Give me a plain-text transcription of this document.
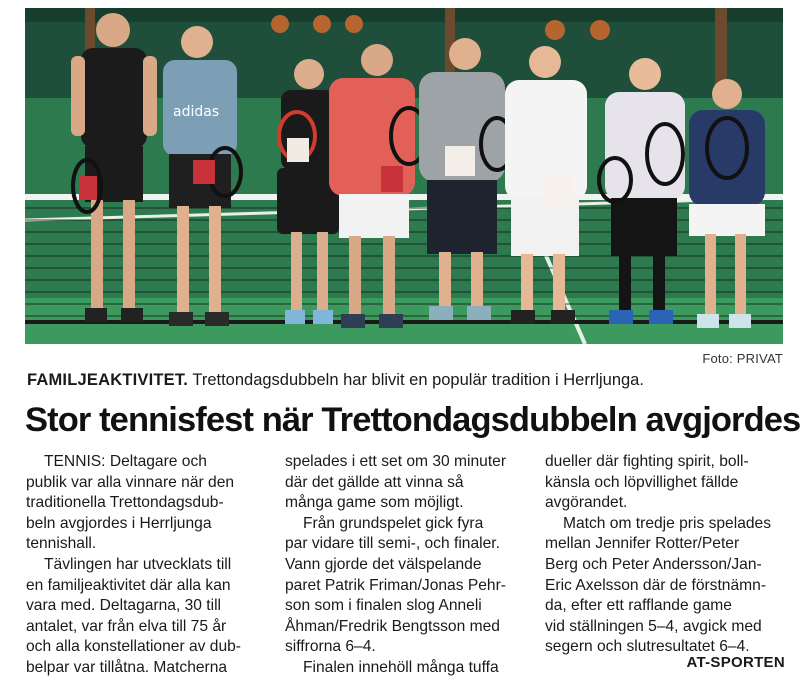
adidas
Foto: PRIVAT
FAMILJEAKTIVITET. Trettondagsdubbeln har blivit en populär tradition i Herrljunga.
Stor tennisfest när Trettondagsdubbeln avgjordes

TENNIS: Deltagare och

publik var alla vinnare när den

traditionella Trettondagsdub-

beln avgjordes i Herrljunga

tennishall.

Tävlingen har utvecklats till

en familjeaktivitet där alla kan

vara med. Deltagarna, 30 till

antalet, var från elva till 75 år

och alla konstellationer av dub-

belpar var tillåtna. Matcherna

spelades i ett set om 30 minuter

där det gällde att vinna så

många game som möjligt.

Från grundspelet gick fyra

par vidare till semi-, och finaler.

Vann gjorde det välspelande

paret Patrik Friman/Jonas Pehr-

son som i finalen slog Anneli

Åhman/Fredrik Bengtsson med

siffrorna 6–4.

Finalen innehöll många tuffa

dueller där fighting spirit, boll-

känsla och löpvillighet fällde

avgörandet.

Match om tredje pris spelades

mellan Jennifer Rotter/Peter

Berg och Peter Andersson/Jan-

Eric Axelsson där de förstnämn-

da, efter ett rafflande game

vid ställningen 5–4, avgick med

segern och slutresultatet 6–4.

AT-SPORTEN
